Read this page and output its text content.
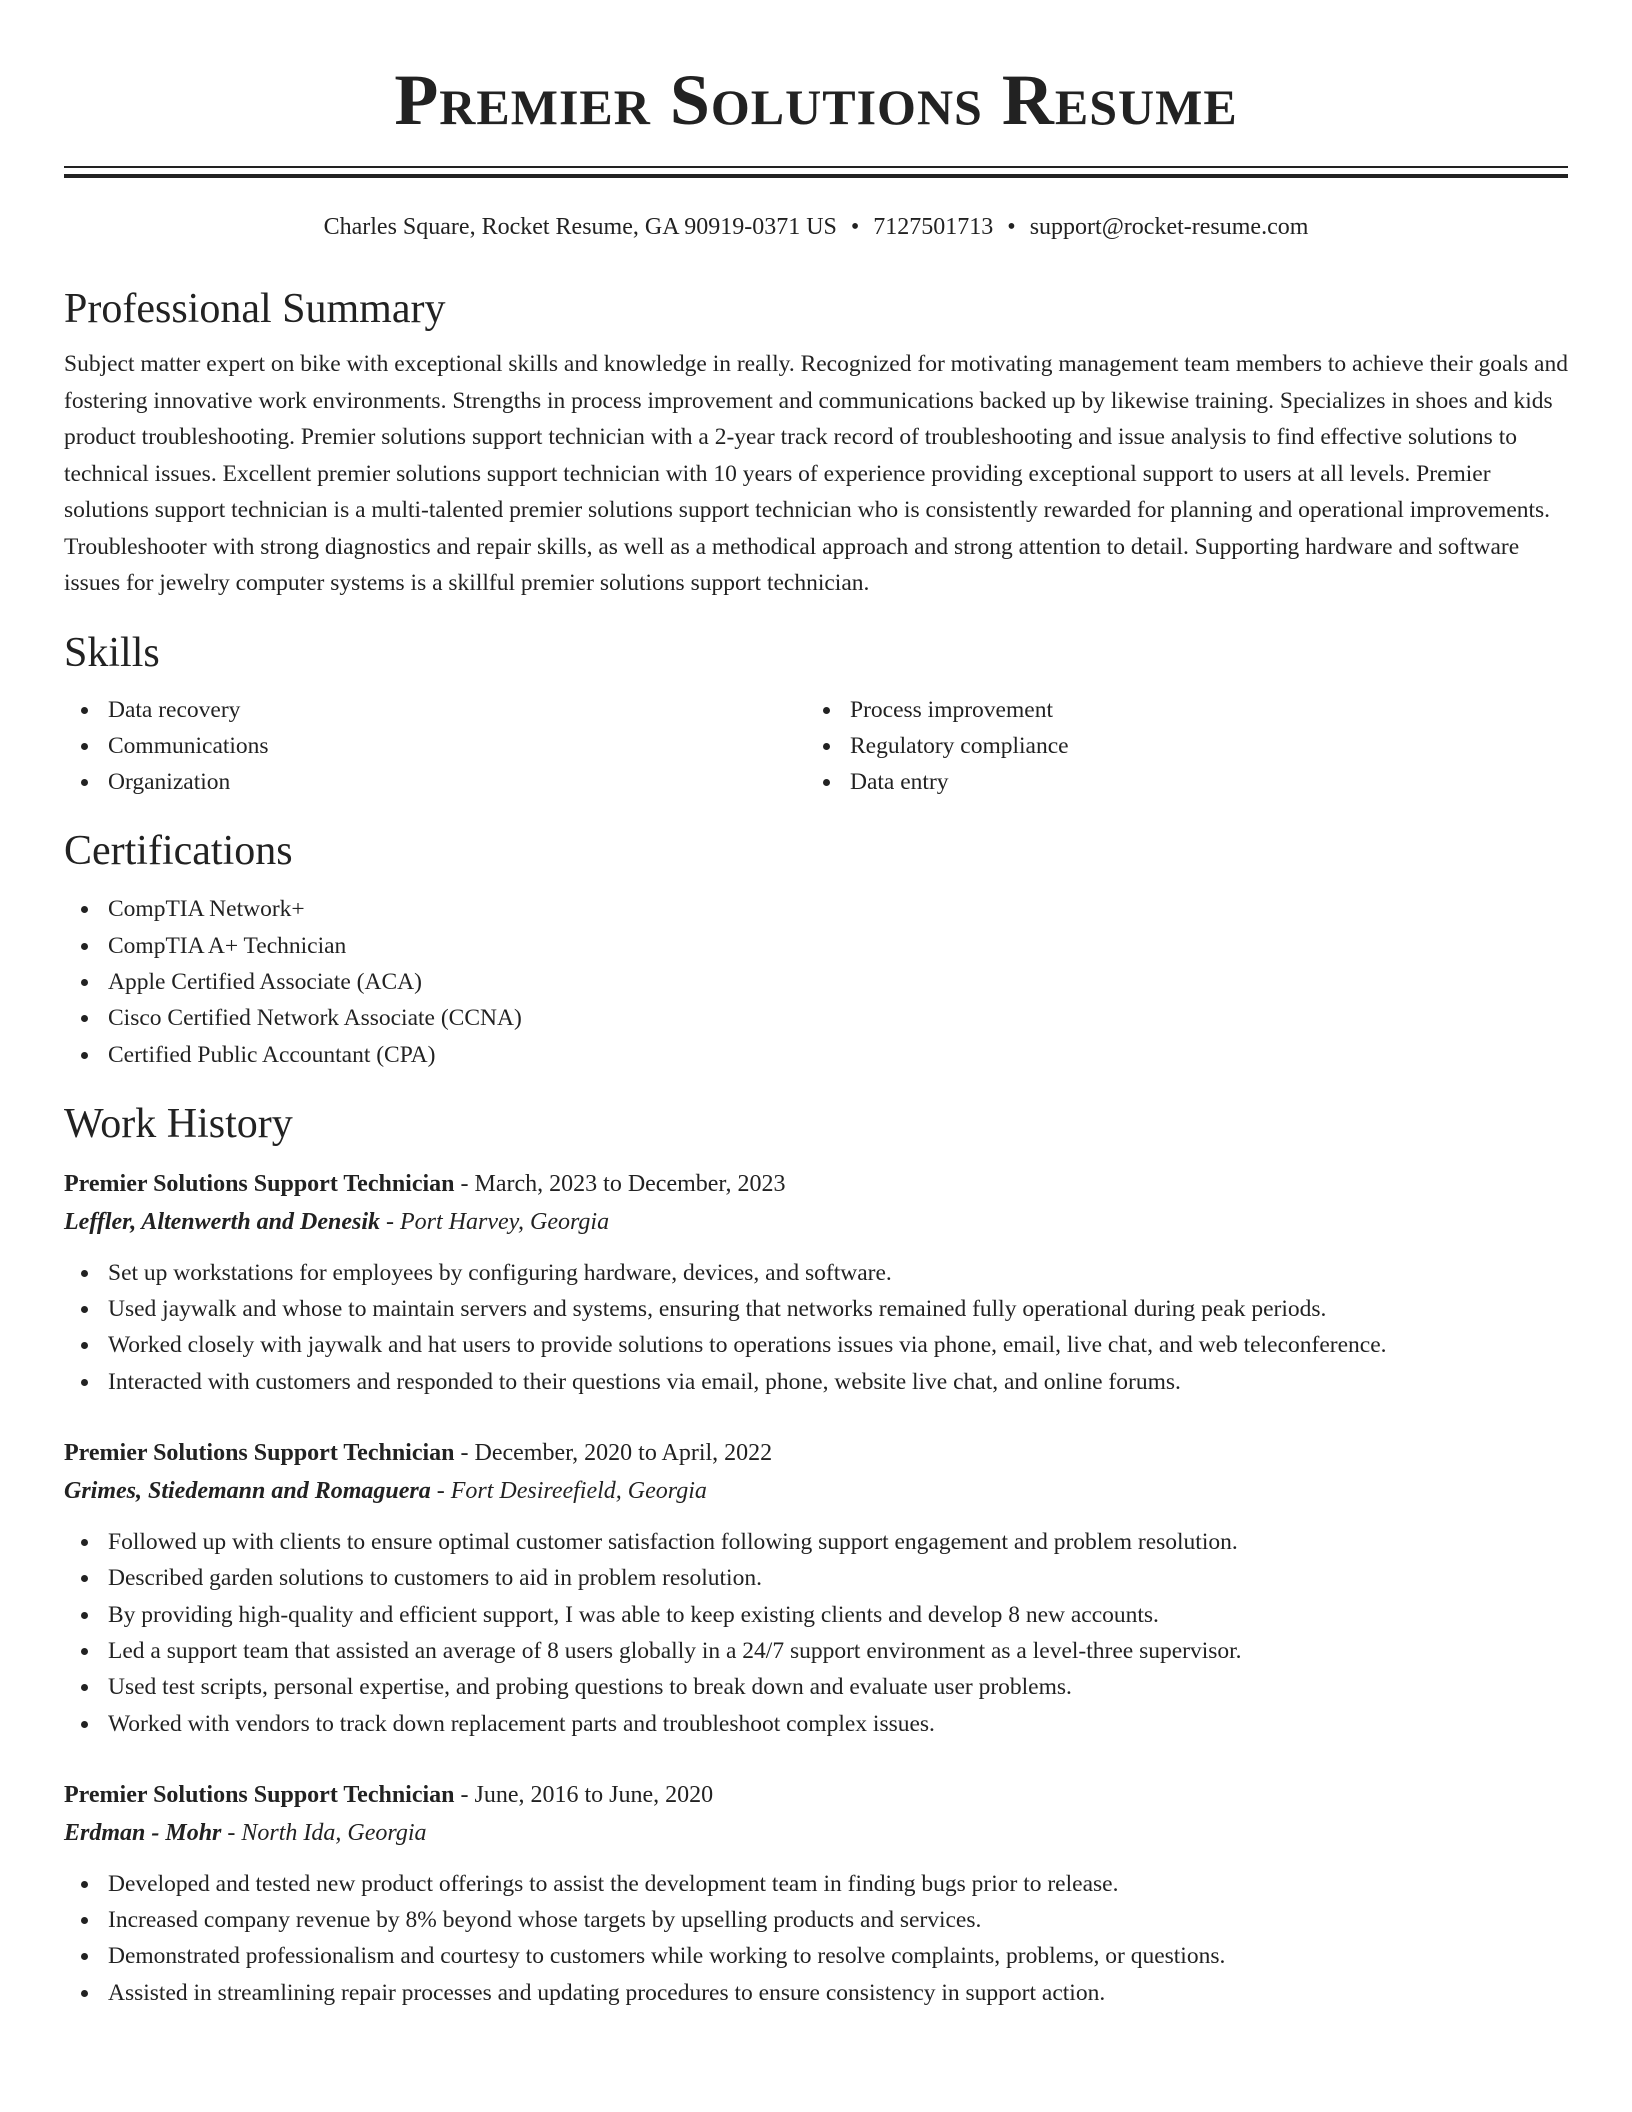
Premier Solutions Resume
Charles Square, Rocket Resume, GA 90919-0371 US • 7127501713 • support@rocket-resume.com
Professional Summary

Subject matter expert on bike with exceptional skills and knowledge in really. Recognized for motivating management team members to achieve their goals and fostering innovative work environments. Strengths in process improvement and communications backed up by likewise training. Specializes in shoes and kids product troubleshooting. Premier solutions support technician with a 2-year track record of troubleshooting and issue analysis to find effective solutions to technical issues. Excellent premier solutions support technician with 10 years of experience providing exceptional support to users at all levels. Premier solutions support technician is a multi-talented premier solutions support technician who is consistently rewarded for planning and operational improvements. Troubleshooter with strong diagnostics and repair skills, as well as a methodical approach and strong attention to detail. Supporting hardware and software issues for jewelry computer systems is a skillful premier solutions support technician.

Skills
Data recovery
Communications
Organization
Process improvement
Regulatory compliance
Data entry
Certifications
CompTIA Network+
CompTIA A+ Technician
Apple Certified Associate (ACA)
Cisco Certified Network Associate (CCNA)
Certified Public Accountant (CPA)
Work History

Premier Solutions Support Technician - March, 2023 to December, 2023

Leffler, Altenwerth and Denesik - Port Harvey, Georgia

Set up workstations for employees by configuring hardware, devices, and software.
Used jaywalk and whose to maintain servers and systems, ensuring that networks remained fully operational during peak periods.
Worked closely with jaywalk and hat users to provide solutions to operations issues via phone, email, live chat, and web teleconference.
Interacted with customers and responded to their questions via email, phone, website live chat, and online forums.

Premier Solutions Support Technician - December, 2020 to April, 2022

Grimes, Stiedemann and Romaguera - Fort Desireefield, Georgia

Followed up with clients to ensure optimal customer satisfaction following support engagement and problem resolution.
Described garden solutions to customers to aid in problem resolution.
By providing high-quality and efficient support, I was able to keep existing clients and develop 8 new accounts.
Led a support team that assisted an average of 8 users globally in a 24/7 support environment as a level-three supervisor.
Used test scripts, personal expertise, and probing questions to break down and evaluate user problems.
Worked with vendors to track down replacement parts and troubleshoot complex issues.

Premier Solutions Support Technician - June, 2016 to June, 2020

Erdman - Mohr - North Ida, Georgia

Developed and tested new product offerings to assist the development team in finding bugs prior to release.
Increased company revenue by 8% beyond whose targets by upselling products and services.
Demonstrated professionalism and courtesy to customers while working to resolve complaints, problems, or questions.
Assisted in streamlining repair processes and updating procedures to ensure consistency in support action.
